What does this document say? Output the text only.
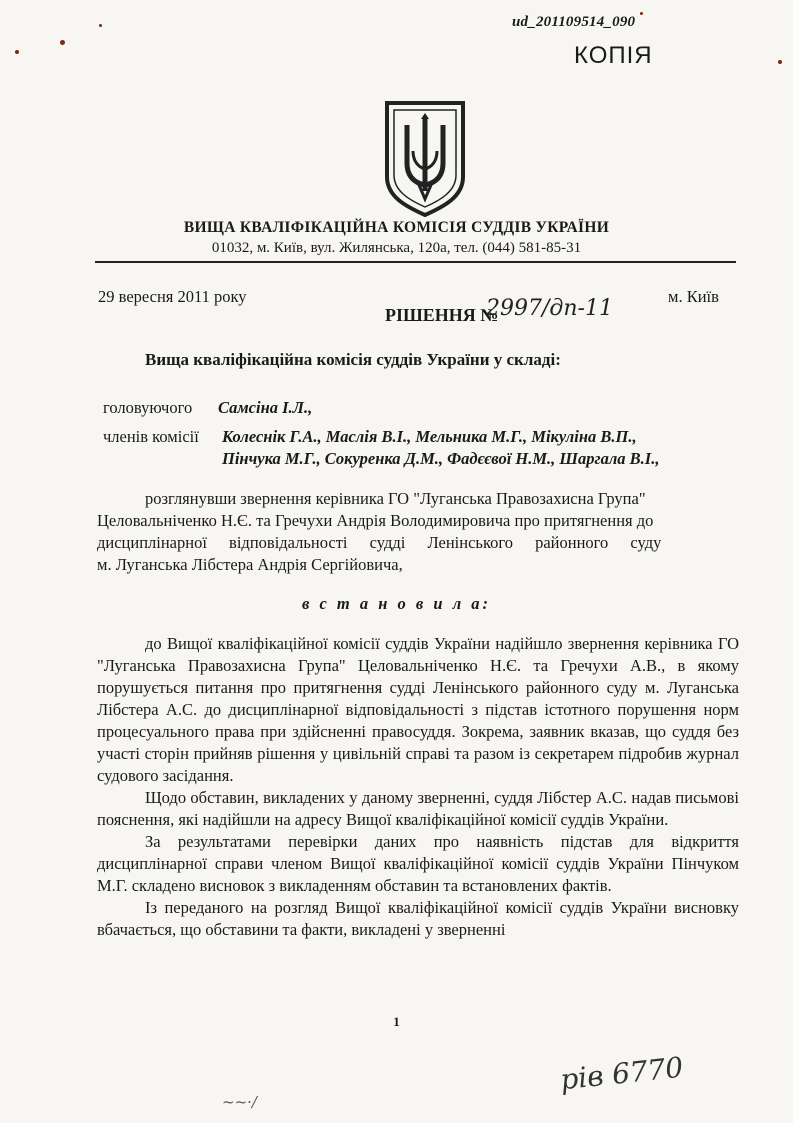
ud_201109514_090
КОПІЯ
ВИЩА КВАЛІФІКАЦІЙНА КОМІСІЯ СУДДІВ УКРАЇНИ
01032, м. Київ, вул. Жилянська, 120а, тел. (044) 581-85-31
29 вересня 2011 року	м. Київ
РІШЕННЯ №
2997/дп-11
Вища кваліфікаційна комісія суддів України у складі:
головуючого Самсіна І.Л.,
членів комісії Колеснік Г.А., Маслія В.І., Мельника М.Г., Мікуліна В.П.,
Пінчука М.Г., Сокуренка Д.М., Фадєєвої Н.М., Шаргала В.І.,
розглянувши звернення керівника ГО "Луганська Правозахисна Група"
Целовальніченко Н.Є. та Гречухи Андрія Володимировича про притягнення до
дисциплінарної відповідальності судді Ленінського районного суду
м. Луганська Лібстера Андрія Сергійовича,
в с т а н о в и л а:

до Вищої кваліфікаційної комісії суддів України надійшло звернення керівника ГО "Луганська Правозахисна Група" Целовальніченко Н.Є. та Гречухи А.В., в якому порушується питання про притягнення судді Ленінського районного суду м. Луганська Лібстера А.С. до дисциплінарної відповідальності з підстав істотного порушення норм процесуального права при здійсненні правосуддя. Зокрема, заявник вказав, що суддя без участі сторін прийняв рішення у цивільній справі та разом із секретарем підробив журнал судового засідання.

Щодо обставин, викладених у даному зверненні, суддя Лібстер А.С. надав письмові пояснення, які надійшли на адресу Вищої кваліфікаційної комісії суддів України.

За результатами перевірки даних про наявність підстав для відкриття дисциплінарної справи членом Вищої кваліфікаційної комісії суддів України Пінчуком М.Г. складено висновок з викладенням обставин та встановлених фактів.

Із переданого на розгляд Вищої кваліфікаційної комісії суддів України висновку вбачається, що обставини та факти, викладені у зверненні

1
рів 6770
~~·/
